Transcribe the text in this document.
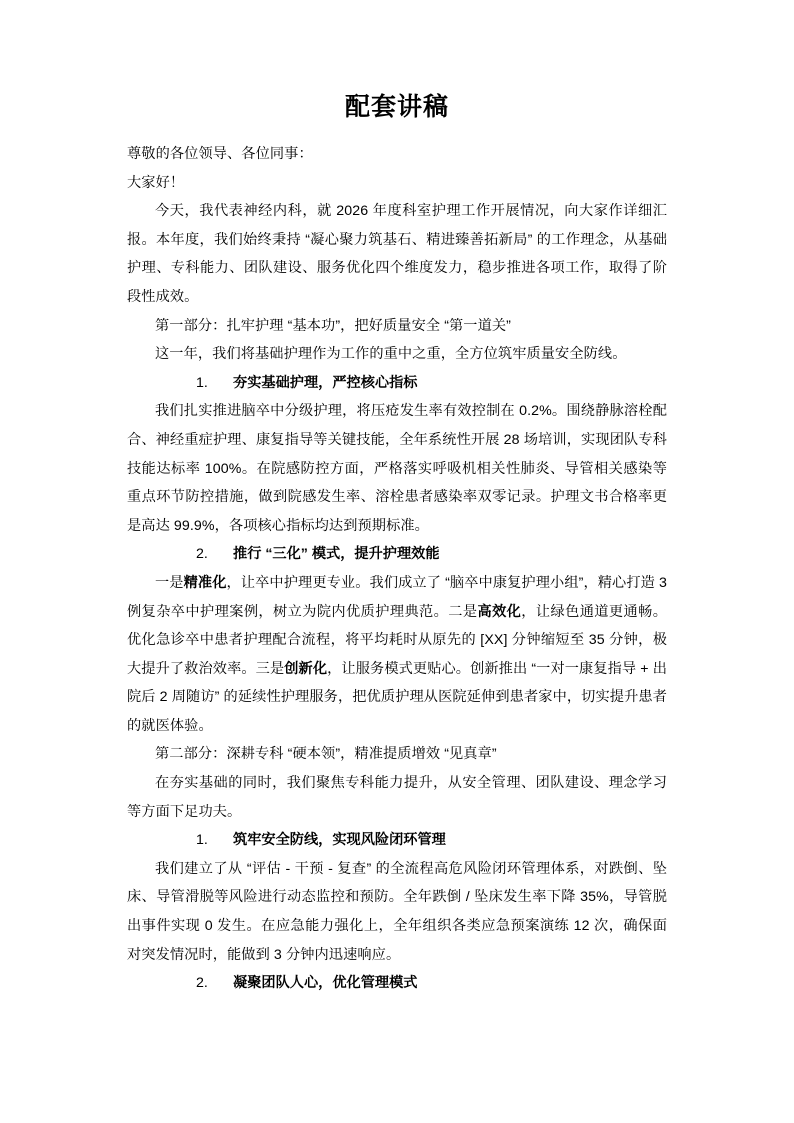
配套讲稿

尊敬的各位领导、各位同事：

大家好！

今天，我代表神经内科，就 2026 年度科室护理工作开展情况，向大家作详细汇报。本年度，我们始终秉持 “凝心聚力筑基石、精进臻善拓新局” 的工作理念，从基础护理、专科能力、团队建设、服务优化四个维度发力，稳步推进各项工作，取得了阶段性成效。

第一部分：扎牢护理 “基本功”，把好质量安全 “第一道关”

这一年，我们将基础护理作为工作的重中之重，全方位筑牢质量安全防线。

1. 夯实基础护理，严控核心指标

我们扎实推进脑卒中分级护理，将压疮发生率有效控制在 0.2%。围绕静脉溶栓配合、神经重症护理、康复指导等关键技能，全年系统性开展 28 场培训，实现团队专科技能达标率 100%。在院感防控方面，严格落实呼吸机相关性肺炎、导管相关感染等重点环节防控措施，做到院感发生率、溶栓患者感染率双零记录。护理文书合格率更是高达 99.9%，各项核心指标均达到预期标准。

2. 推行 “三化” 模式，提升护理效能

一是精准化，让卒中护理更专业。我们成立了 “脑卒中康复护理小组”，精心打造 3 例复杂卒中护理案例，树立为院内优质护理典范。二是高效化，让绿色通道更通畅。优化急诊卒中患者护理配合流程，将平均耗时从原先的 [XX] 分钟缩短至 35 分钟，极大提升了救治效率。三是创新化，让服务模式更贴心。创新推出 “一对一康复指导 + 出院后 2 周随访” 的延续性护理服务，把优质护理从医院延伸到患者家中，切实提升患者的就医体验。

第二部分：深耕专科 “硬本领”，精准提质增效 “见真章”

在夯实基础的同时，我们聚焦专科能力提升，从安全管理、团队建设、理念学习等方面下足功夫。

1. 筑牢安全防线，实现风险闭环管理

我们建立了从 “评估 - 干预 - 复查” 的全流程高危风险闭环管理体系，对跌倒、坠床、导管滑脱等风险进行动态监控和预防。全年跌倒 / 坠床发生率下降 35%，导管脱出事件实现 0 发生。在应急能力强化上，全年组织各类应急预案演练 12 次，确保面对突发情况时，能做到 3 分钟内迅速响应。

2. 凝聚团队人心，优化管理模式
